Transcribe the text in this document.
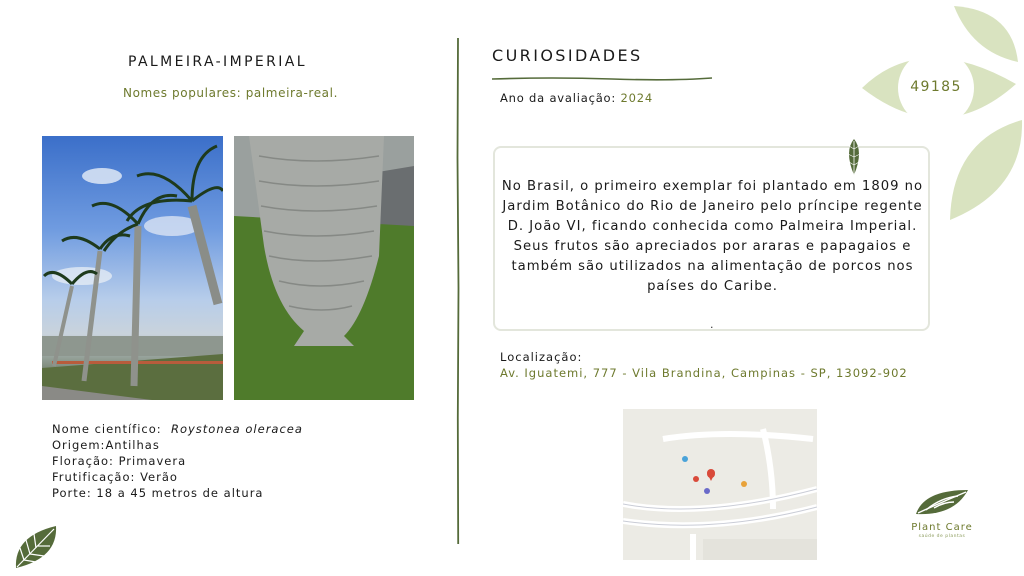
PALMEIRA-IMPERIAL
Nomes populares: palmeira-real.
Nome científico: Roystonea oleracea
Origem:Antilhas
Floração: Primavera
Frutificação: Verão
Porte: 18 a 45 metros de altura
CURIOSIDADES
Ano da avaliação: 2024
No Brasil, o primeiro exemplar foi plantado em 1809 no Jardim Botânico do Rio de Janeiro pelo príncipe regente D. João VI, ficando conhecida como Palmeira Imperial. Seus frutos são apreciados por araras e papagaios e também são utilizados na alimentação de porcos nos países do Caribe.
.
Localização:
Av. Iguatemi, 777 - Vila Brandina, Campinas - SP, 13092-902
49185
Plant Care
saúde de plantas
